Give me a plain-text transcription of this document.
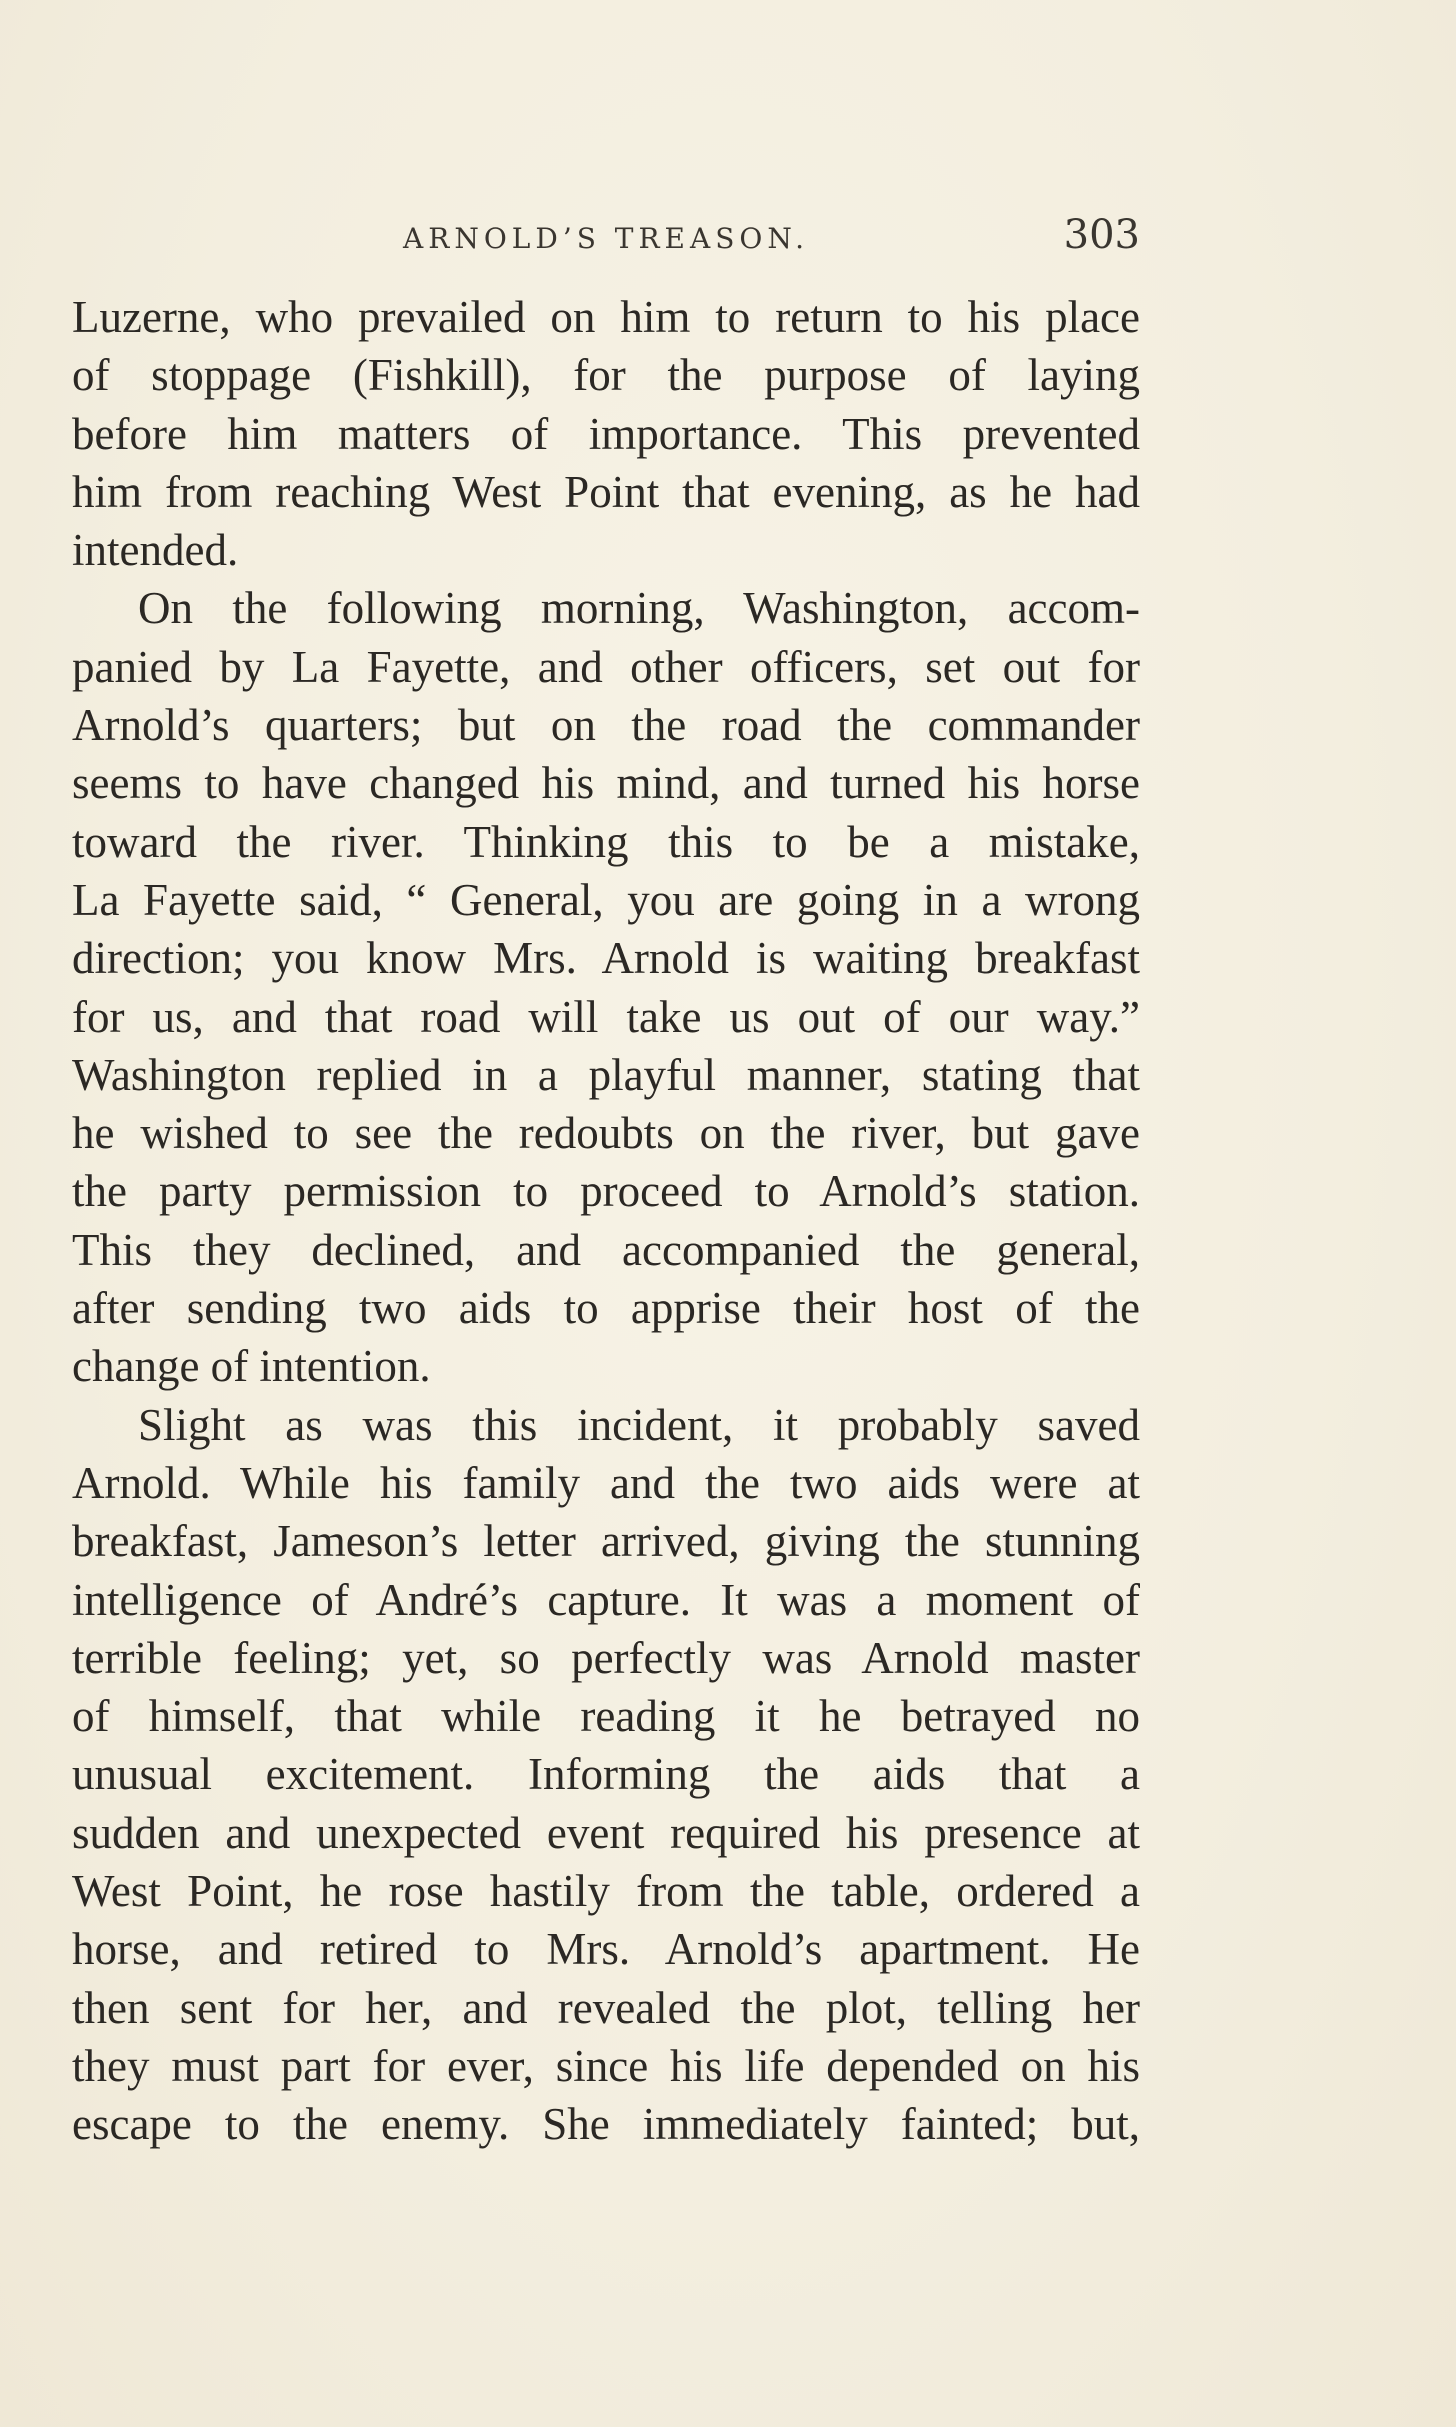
ARNOLD’S TREASON.	303
Luzerne, who prevailed on him to return to his place
of stoppage (Fishkill), for the purpose of laying
before him matters of importance. This prevented
him from reaching West Point that evening, as he had
intended.
On the following morning, Washington, accom-
panied by La Fayette, and other officers, set out for
Arnold’s quarters; but on the road the commander
seems to have changed his mind, and turned his horse
toward the river. Thinking this to be a mistake,
La Fayette said, “ General, you are going in a wrong
direction; you know Mrs. Arnold is waiting breakfast
for us, and that road will take us out of our way.”
Washington replied in a playful manner, stating that
he wished to see the redoubts on the river, but gave
the party permission to proceed to Arnold’s station.
This they declined, and accompanied the general,
after sending two aids to apprise their host of the
change of intention.
Slight as was this incident, it probably saved
Arnold. While his family and the two aids were at
breakfast, Jameson’s letter arrived, giving the stunning
intelligence of André’s capture. It was a moment of
terrible feeling; yet, so perfectly was Arnold master
of himself, that while reading it he betrayed no
unusual excitement. Informing the aids that a
sudden and unexpected event required his presence at
West Point, he rose hastily from the table, ordered a
horse, and retired to Mrs. Arnold’s apartment. He
then sent for her, and revealed the plot, telling her
they must part for ever, since his life depended on his
escape to the enemy. She immediately fainted; but,
